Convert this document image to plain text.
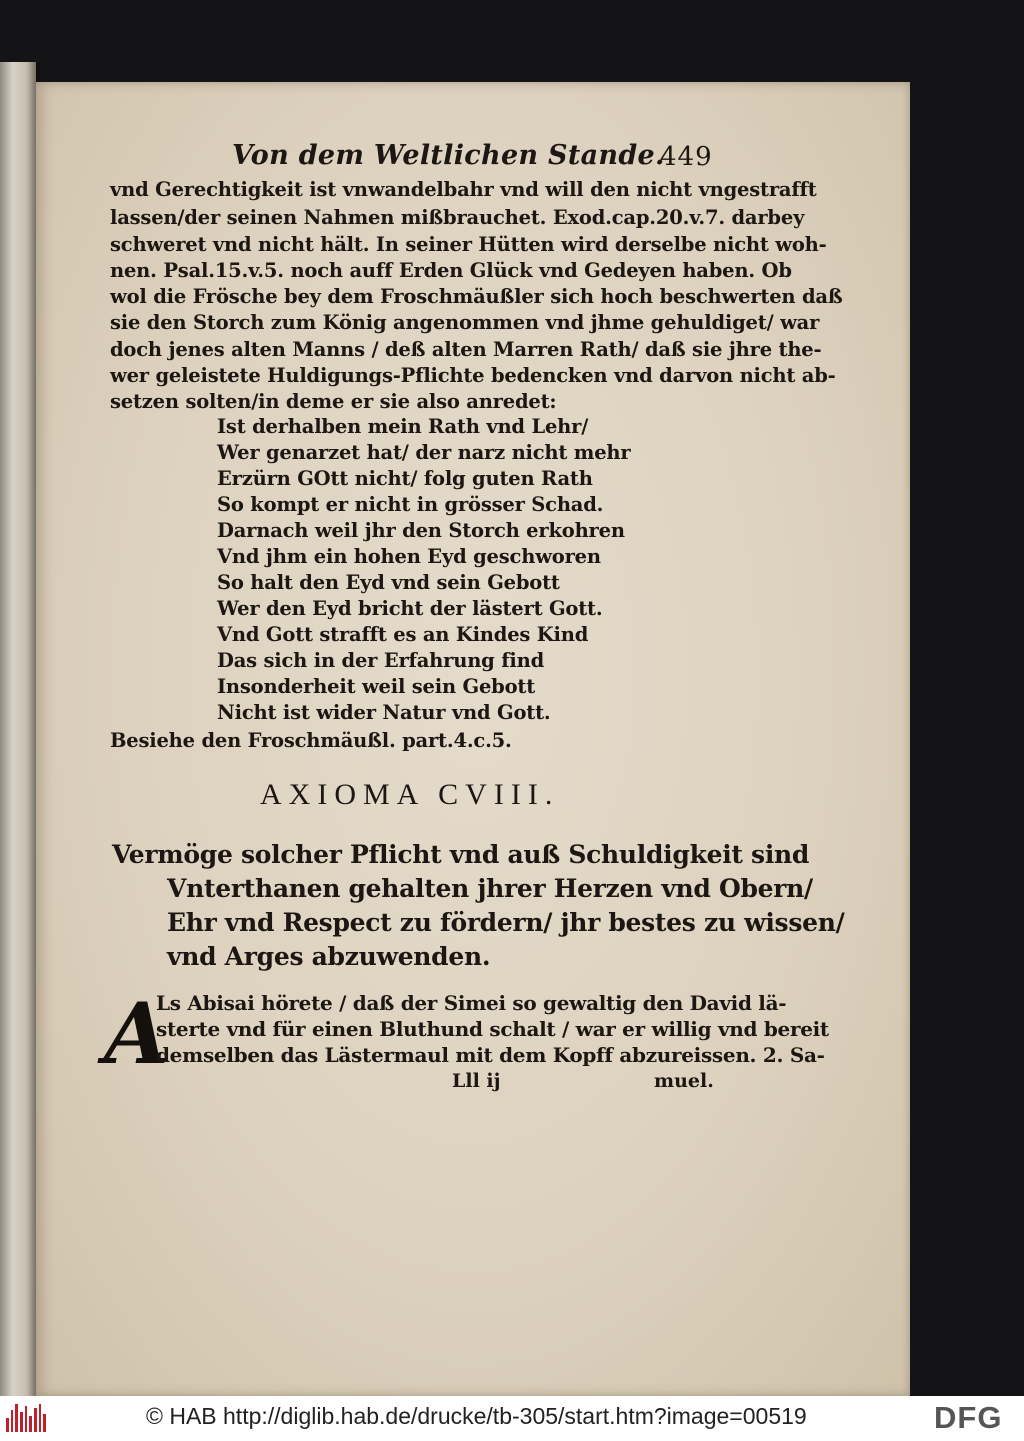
Von dem Weltlichen Stande.
449
vnd Gerechtigkeit ist vnwandelbahr vnd will den nicht vngestrafft
lassen/der seinen Nahmen mißbrauchet. Exod.cap.20.v.7. darbey
schweret vnd nicht hält. In seiner Hütten wird derselbe nicht woh-
nen. Psal.15.v.5. noch auff Erden Glück vnd Gedeyen haben. Ob
wol die Frösche bey dem Froschmäußler sich hoch beschwerten daß
sie den Storch zum König angenommen vnd jhme gehuldiget/ war
doch jenes alten Manns / deß alten Marren Rath/ daß sie jhre the-
wer geleistete Huldigungs-Pflichte bedencken vnd darvon nicht ab-
setzen solten/in deme er sie also anredet:
Ist derhalben mein Rath vnd Lehr/
Wer genarzet hat/ der narz nicht mehr
Erzürn GOtt nicht/ folg guten Rath
So kompt er nicht in grösser Schad.
Darnach weil jhr den Storch erkohren
Vnd jhm ein hohen Eyd geschworen
So halt den Eyd vnd sein Gebott
Wer den Eyd bricht der lästert Gott.
Vnd Gott strafft es an Kindes Kind
Das sich in der Erfahrung find
Insonderheit weil sein Gebott
Nicht ist wider Natur vnd Gott.
Besiehe den Froschmäußl. part.4.c.5.
AXIOMA CVIII.
Vermöge solcher Pflicht vnd auß Schuldigkeit sind
Vnterthanen gehalten jhrer Herzen vnd Obern/
Ehr vnd Respect zu fördern/ jhr bestes zu wissen/
vnd Arges abzuwenden.
A
Ls Abisai hörete / daß der Simei so gewaltig den David lä-
sterte vnd für einen Bluthund schalt / war er willig vnd bereit
demselben das Lästermaul mit dem Kopff abzureissen. 2. Sa-
Lll ij	muel.
© HAB http://diglib.hab.de/drucke/tb-305/start.htm?image=00519	DFG
